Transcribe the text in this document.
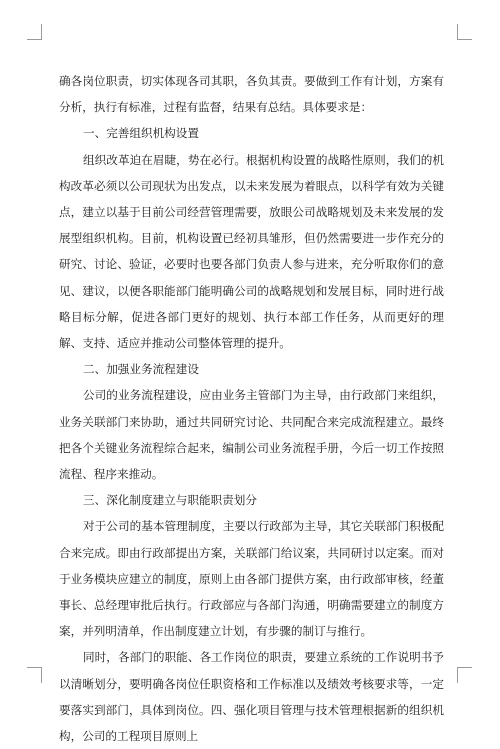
确各岗位职责，切实体现各司其职，各负其责。要做到工作有计划，方案有分析，执行有标准，过程有监督，结果有总结。具体要求是：

一、完善组织机构设置

组织改革迫在眉睫，势在必行。根据机构设置的战略性原则，我们的机构改革必须以公司现状为出发点，以未来发展为着眼点，以科学有效为关键点，建立以基于目前公司经营管理需要，放眼公司战略规划及未来发展的发展型组织机构。目前，机构设置已经初具雏形，但仍然需要进一步作充分的研究、讨论、验证，必要时也要各部门负责人参与进来，充分听取你们的意见、建议，以便各职能部门能明确公司的战略规划和发展目标，同时进行战略目标分解，促进各部门更好的规划、执行本部工作任务，从而更好的理解、支持、适应并推动公司整体管理的提升。

二、加强业务流程建设

公司的业务流程建设，应由业务主管部门为主导，由行政部门来组织，业务关联部门来协助，通过共同研究讨论、共同配合来完成流程建立。最终把各个关键业务流程综合起来，编制公司业务流程手册，今后一切工作按照流程、程序来推动。

三、深化制度建立与职能职责划分

对于公司的基本管理制度，主要以行政部为主导，其它关联部门积极配合来完成。即由行政部提出方案，关联部门给议案，共同研讨以定案。而对于业务模块应建立的制度，原则上由各部门提供方案，由行政部审核，经董事长、总经理审批后执行。行政部应与各部门沟通，明确需要建立的制度方案，并列明清单，作出制度建立计划，有步骤的制订与推行。

同时，各部门的职能、各工作岗位的职责，要建立系统的工作说明书予以清晰划分，要明确各岗位任职资格和工作标准以及绩效考核要求等，一定要落实到部门，具体到岗位。四、强化项目管理与技术管理根据新的组织机构，公司的工程项目原则上
